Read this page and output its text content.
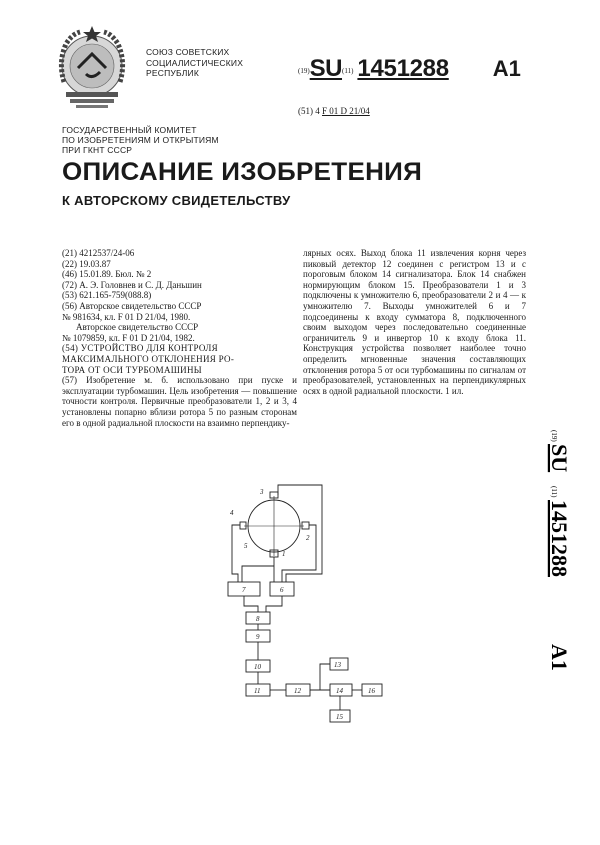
СОЮЗ СОВЕТСКИХ
СОЦИАЛИСТИЧЕСКИХ
РЕСПУБЛИК	(19)SU(11) 1451288 A1
(51) 4 F 01 D 21/04
ГОСУДАРСТВЕННЫЙ КОМИТЕТ
ПО ИЗОБРЕТЕНИЯМ И ОТКРЫТИЯМ
ПРИ ГКНТ СССР
ОПИСАНИЕ ИЗОБРЕТЕНИЯ
К АВТОРСКОМУ СВИДЕТЕЛЬСТВУ
(21) 4212537/24-06
(22) 19.03.87
(46) 15.01.89. Бюл. № 2
(72) А. Э. Головнев и С. Д. Даньшин
(53) 621.165-759(088.8)
(56) Авторское свидетельство СССР
№ 981634, кл. F 01 D 21/04, 1980.
Авторское свидетельство СССР
№ 1079859, кл. F 01 D 21/04, 1982.
(54) УСТРОЙСТВО ДЛЯ КОНТРОЛЯ
МАКСИМАЛЬНОГО ОТКЛОНЕНИЯ РО-
ТОРА ОТ ОСИ ТУРБОМАШИНЫ
(57) Изобретение м. б. использовано при пуске и эксплуатации турбомашин. Цель изобретения — повышение точности контроля. Первичные преобразователи 1, 2 и 3, 4 установлены попарно вблизи ротора 5 по разным сторонам его в одной радиальной плоскости на взаимно перпендику-
лярных осях. Выход блока 11 извлечения корня через пиковый детектор 12 соединен с регистром 13 и с пороговым блоком 14 сигнализатора. Блок 14 снабжен нормирующим блоком 15. Преобразователи 1 и 3 подключены к умножителю 6, преобразователи 2 и 4 — к умножителю 7. Выходы умножителей 6 и 7 подсоединены к входу сумматора 8, подключенного своим выходом через последовательно соединенные ограничитель 9 и инвертор 10 к входу блока 11. Конструкция устройства позволяет наиболее точно определить мгновенные значения составляющих отклонения ротора 5 от оси турбомашины по сигналам от преобразователей, установленных на перпендикулярных осях в одной радиальной плоскости. 1 ил.
(19)
SU
(11)
1451288
A1
3
4
2
5
1
7	6
8
9
10
11	12
13
14	16
15
